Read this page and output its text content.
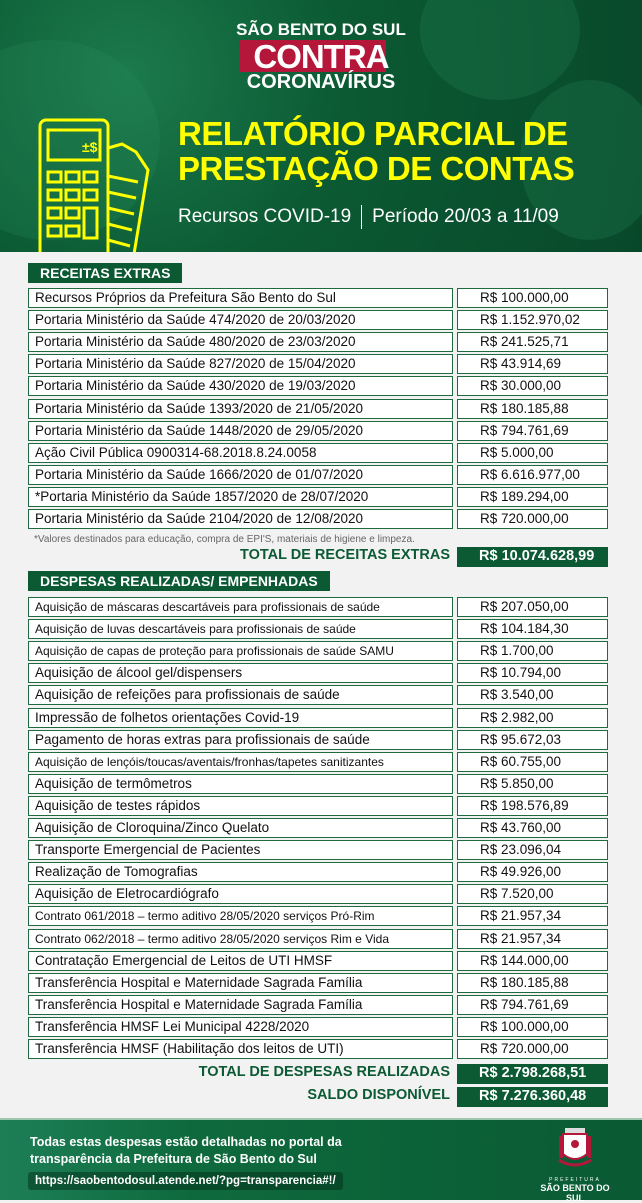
SÃO BENTO DO SUL
CONTRA
CORONAVÍRUS
±$ RELATÓRIO PARCIAL DE
PRESTAÇÃO DE CONTAS
Recursos COVID-19 Período 20/03 a 11/09
RECEITAS EXTRAS
Recursos Próprios da Prefeitura São Bento do Sul	R$ 100.000,00
Portaria Ministério da Saúde 474/2020 de 20/03/2020	R$ 1.152.970,02
Portaria Ministério da Saúde 480/2020 de 23/03/2020	R$ 241.525,71
Portaria Ministério da Saúde 827/2020 de 15/04/2020	R$ 43.914,69
Portaria Ministério da Saúde 430/2020 de 19/03/2020	R$ 30.000,00
Portaria Ministério da Saúde 1393/2020 de 21/05/2020	R$ 180.185,88
Portaria Ministério da Saúde 1448/2020 de 29/05/2020	R$ 794.761,69
Ação Civil Pública 0900314-68.2018.8.24.0058	R$ 5.000,00
Portaria Ministério da Saúde 1666/2020 de 01/07/2020	R$ 6.616.977,00
*Portaria Ministério da Saúde 1857/2020 de 28/07/2020	R$ 189.294,00
Portaria Ministério da Saúde 2104/2020 de 12/08/2020	R$ 720.000,00
*Valores destinados para educação, compra de EPI'S, materiais de higiene e limpeza.
TOTAL DE RECEITAS EXTRAS	R$ 10.074.628,99
DESPESAS REALIZADAS/ EMPENHADAS
Aquisição de máscaras descartáveis para profissionais de saúde	R$ 207.050,00
Aquisição de luvas descartáveis para profissionais de saúde	R$ 104.184,30
Aquisição de capas de proteção para profissionais de saúde SAMU	R$ 1.700,00
Aquisição de álcool gel/dispensers	R$ 10.794,00
Aquisição de refeições para profissionais de saúde	R$ 3.540,00
Impressão de folhetos orientações Covid-19	R$ 2.982,00
Pagamento de horas extras para profissionais de saúde	R$ 95.672,03
Aquisição de lençóis/toucas/aventais/fronhas/tapetes sanitizantes	R$ 60.755,00
Aquisição de termômetros	R$ 5.850,00
Aquisição de testes rápidos	R$ 198.576,89
Aquisição de Cloroquina/Zinco Quelato	R$ 43.760,00
Transporte Emergencial de Pacientes	R$ 23.096,04
Realização de Tomografias	R$ 49.926,00
Aquisição de Eletrocardiógrafo	R$ 7.520,00
Contrato 061/2018 – termo aditivo 28/05/2020 serviços Pró-Rim	R$ 21.957,34
Contrato 062/2018 – termo aditivo 28/05/2020 serviços Rim e Vida	R$ 21.957,34
Contratação Emergencial de Leitos de UTI HMSF	R$ 144.000,00
Transferência Hospital e Maternidade Sagrada Família	R$ 180.185,88
Transferência Hospital e Maternidade Sagrada Família	R$ 794.761,69
Transferência HMSF Lei Municipal 4228/2020	R$ 100.000,00
Transferência HMSF (Habilitação dos leitos de UTI)	R$ 720.000,00
TOTAL DE DESPESAS REALIZADAS	R$ 2.798.268,51
SALDO DISPONÍVEL	R$ 7.276.360,48
Todas estas despesas estão detalhadas no portal da
transparência da Prefeitura de São Bento do Sul
https://saobentodosul.atende.net/?pg=transparencia#!/	PREFEITURA
SÃO BENTO DO SUL
